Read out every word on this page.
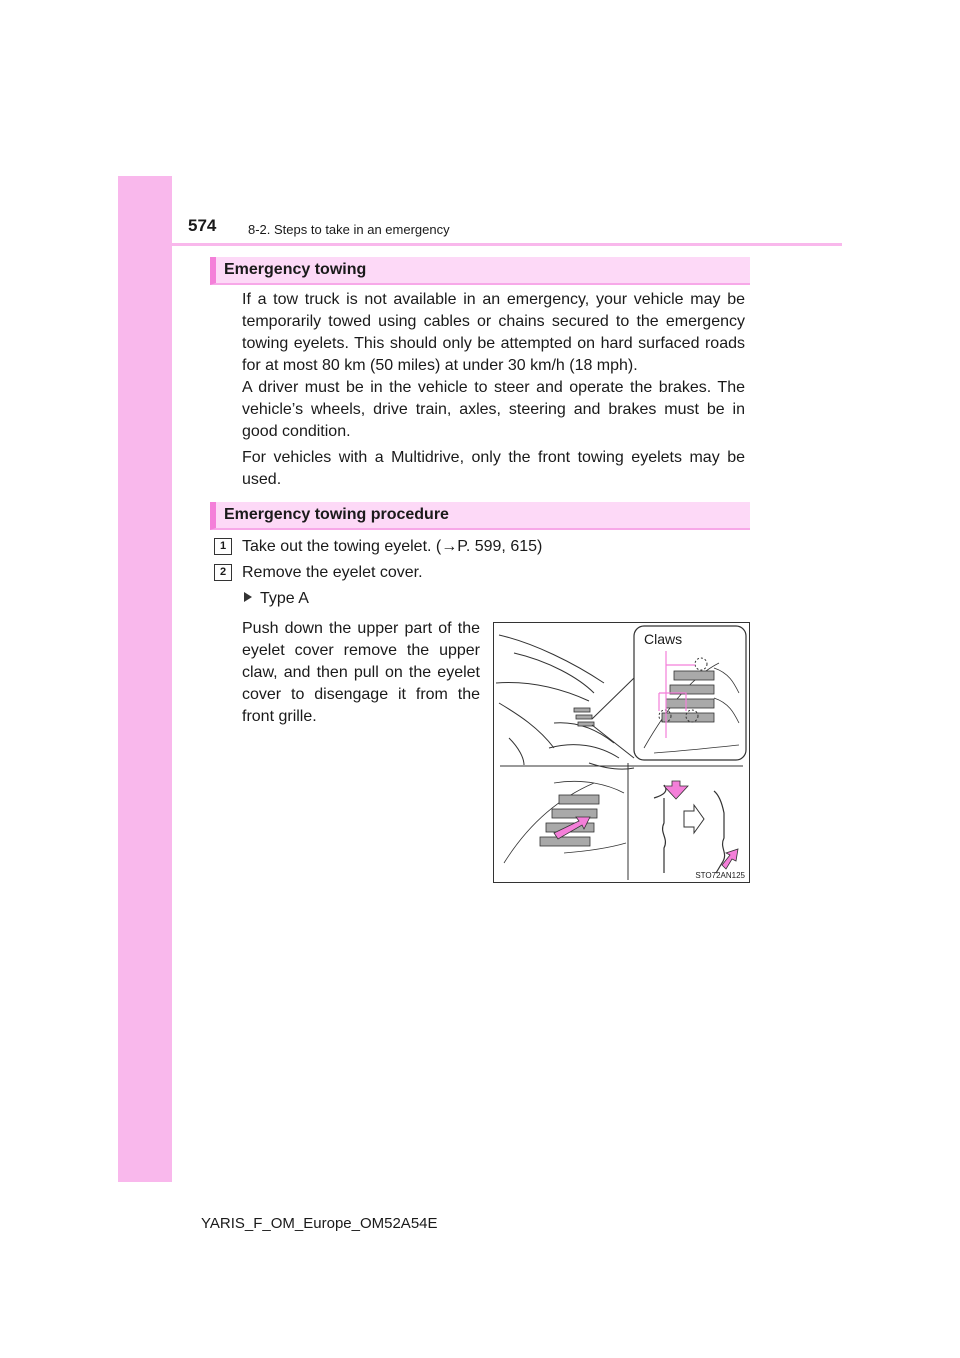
574 8-2. Steps to take in an emergency
Emergency towing

If a tow truck is not available in an emergency, your vehicle may be temporarily towed using cables or chains secured to the emergency towing eyelets. This should only be attempted on hard surfaced roads for at most 80 km (50 miles) at under 30 km/h (18 mph).

A driver must be in the vehicle to steer and operate the brakes. The vehicle’s wheels, drive train, axles, steering and brakes must be in good condition.

For vehicles with a Multidrive, only the front towing eyelets may be used.

Emergency towing procedure
1 Take out the towing eyelet. (→P. 599, 615)
2 Remove the eyelet cover.
Type A

Push down the upper part of the eyelet cover remove the upper claw, and then pull on the eyelet cover to disengage it from the front grille.

Claws
STO72AN125
YARIS_F_OM_Europe_OM52A54E
